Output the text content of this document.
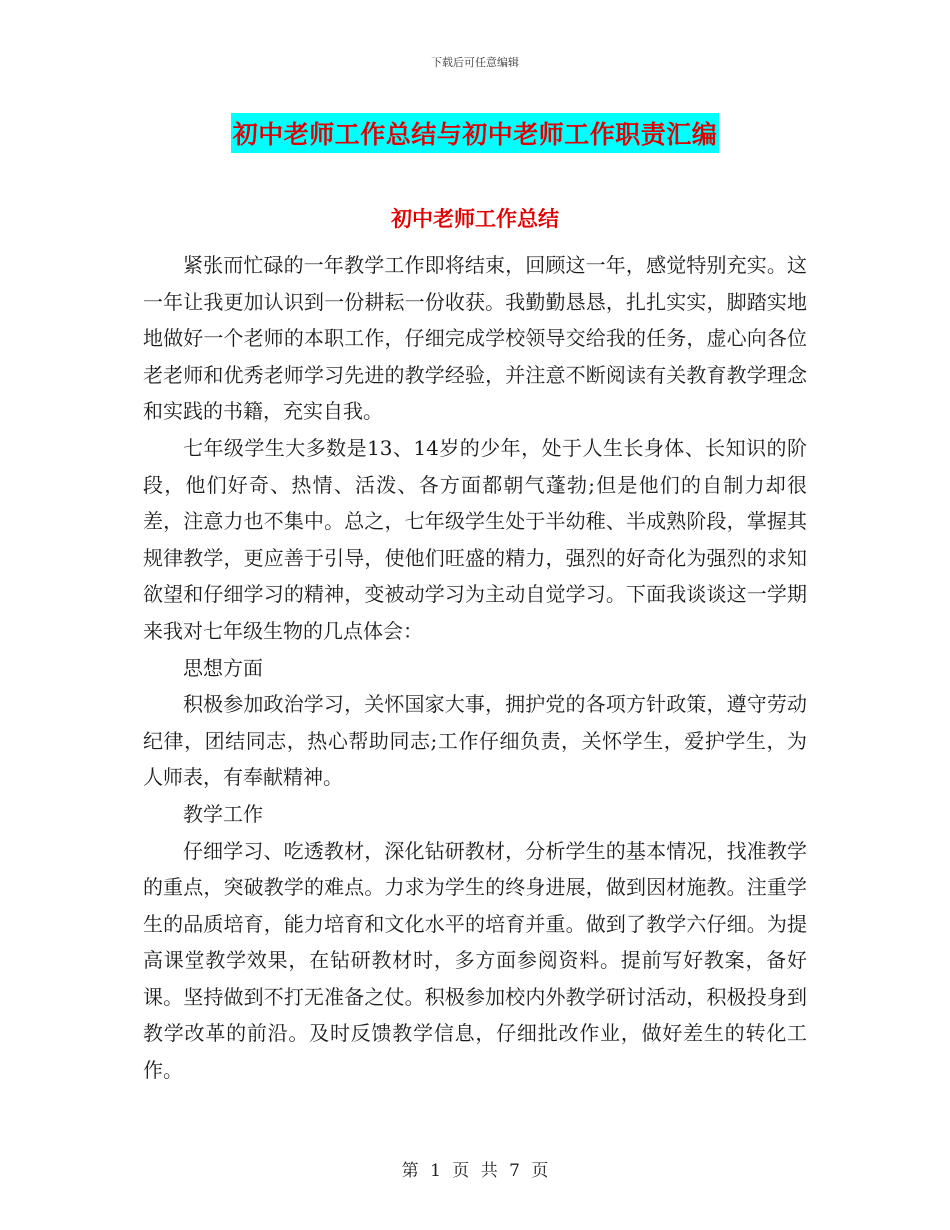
下载后可任意编辑
初中老师工作总结与初中老师工作职责汇编
初中老师工作总结

紧张而忙碌的一年教学工作即将结束，回顾这一年，感觉特别充实。这一年让我更加认识到一份耕耘一份收获。我勤勤恳恳，扎扎实实，脚踏实地地做好一个老师的本职工作，仔细完成学校领导交给我的任务，虚心向各位老老师和优秀老师学习先进的教学经验，并注意不断阅读有关教育教学理念和实践的书籍，充实自我。

七年级学生大多数是13、14岁的少年，处于人生长身体、长知识的阶段，他们好奇、热情、活泼、各方面都朝气蓬勃;但是他们的自制力却很差，注意力也不集中。总之，七年级学生处于半幼稚、半成熟阶段，掌握其规律教学，更应善于引导，使他们旺盛的精力，强烈的好奇化为强烈的求知欲望和仔细学习的精神，变被动学习为主动自觉学习。下面我谈谈这一学期来我对七年级生物的几点体会：

思想方面

积极参加政治学习，关怀国家大事，拥护党的各项方针政策，遵守劳动纪律，团结同志，热心帮助同志;工作仔细负责，关怀学生，爱护学生，为人师表，有奉献精神。

教学工作

仔细学习、吃透教材，深化钻研教材，分析学生的基本情况，找准教学的重点，突破教学的难点。力求为学生的终身进展，做到因材施教。注重学生的品质培育，能力培育和文化水平的培育并重。做到了教学六仔细。为提高课堂教学效果，在钻研教材时，多方面参阅资料。提前写好教案，备好课。坚持做到不打无准备之仗。积极参加校内外教学研讨活动，积极投身到教学改革的前沿。及时反馈教学信息，仔细批改作业，做好差生的转化工作。

第 1 页 共 7 页
